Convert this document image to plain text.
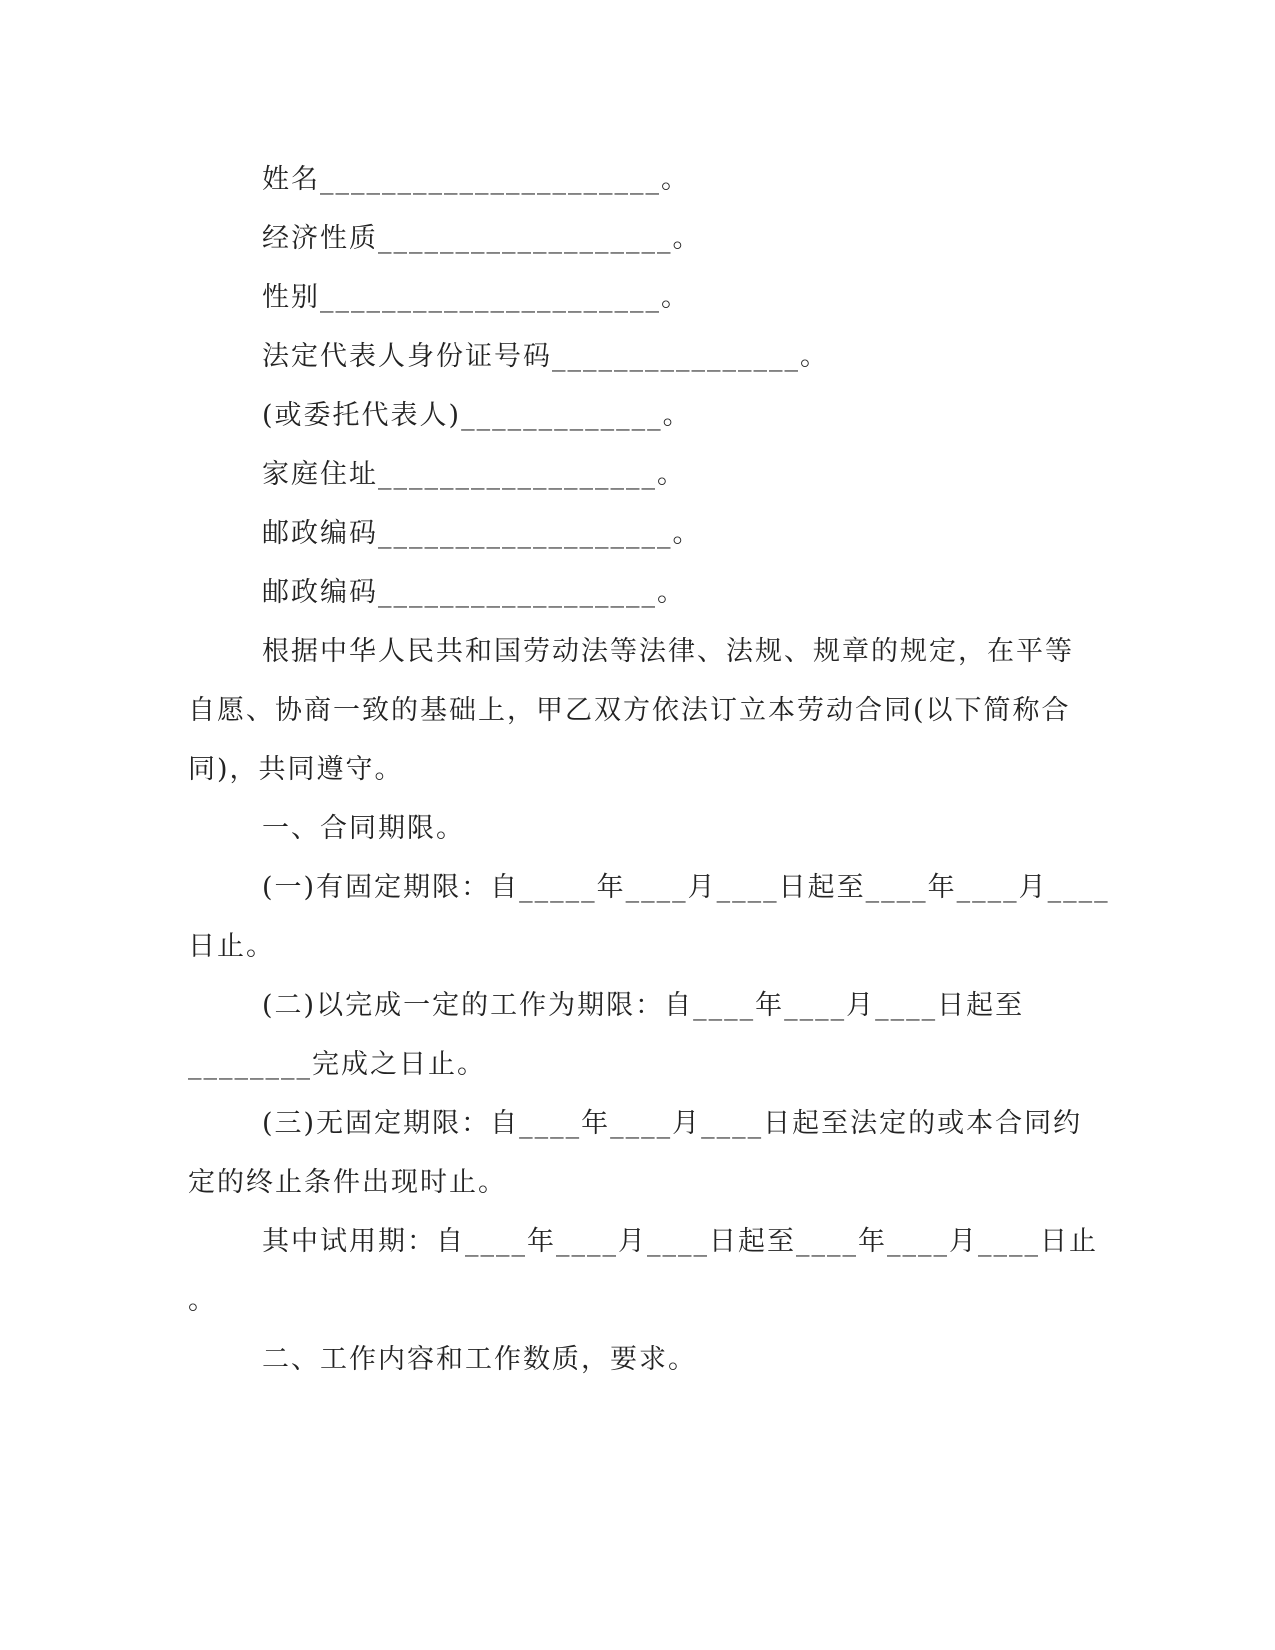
姓名______________________。
经济性质___________________。
性别______________________。
法定代表人身份证号码________________。
(或委托代表人)_____________。
家庭住址__________________。
邮政编码___________________。
邮政编码__________________。
根据中华人民共和国劳动法等法律、法规、规章的规定，在平等
自愿、协商一致的基础上，甲乙双方依法订立本劳动合同(以下简称合
同)，共同遵守。
一、合同期限。
(一)有固定期限：自_____年____月____日起至____年____月____
日止。
(二)以完成一定的工作为期限：自____年____月____日起至
________完成之日止。
(三)无固定期限：自____年____月____日起至法定的或本合同约
定的终止条件出现时止。
其中试用期：自____年____月____日起至____年____月____日止
。
二、工作内容和工作数质，要求。
